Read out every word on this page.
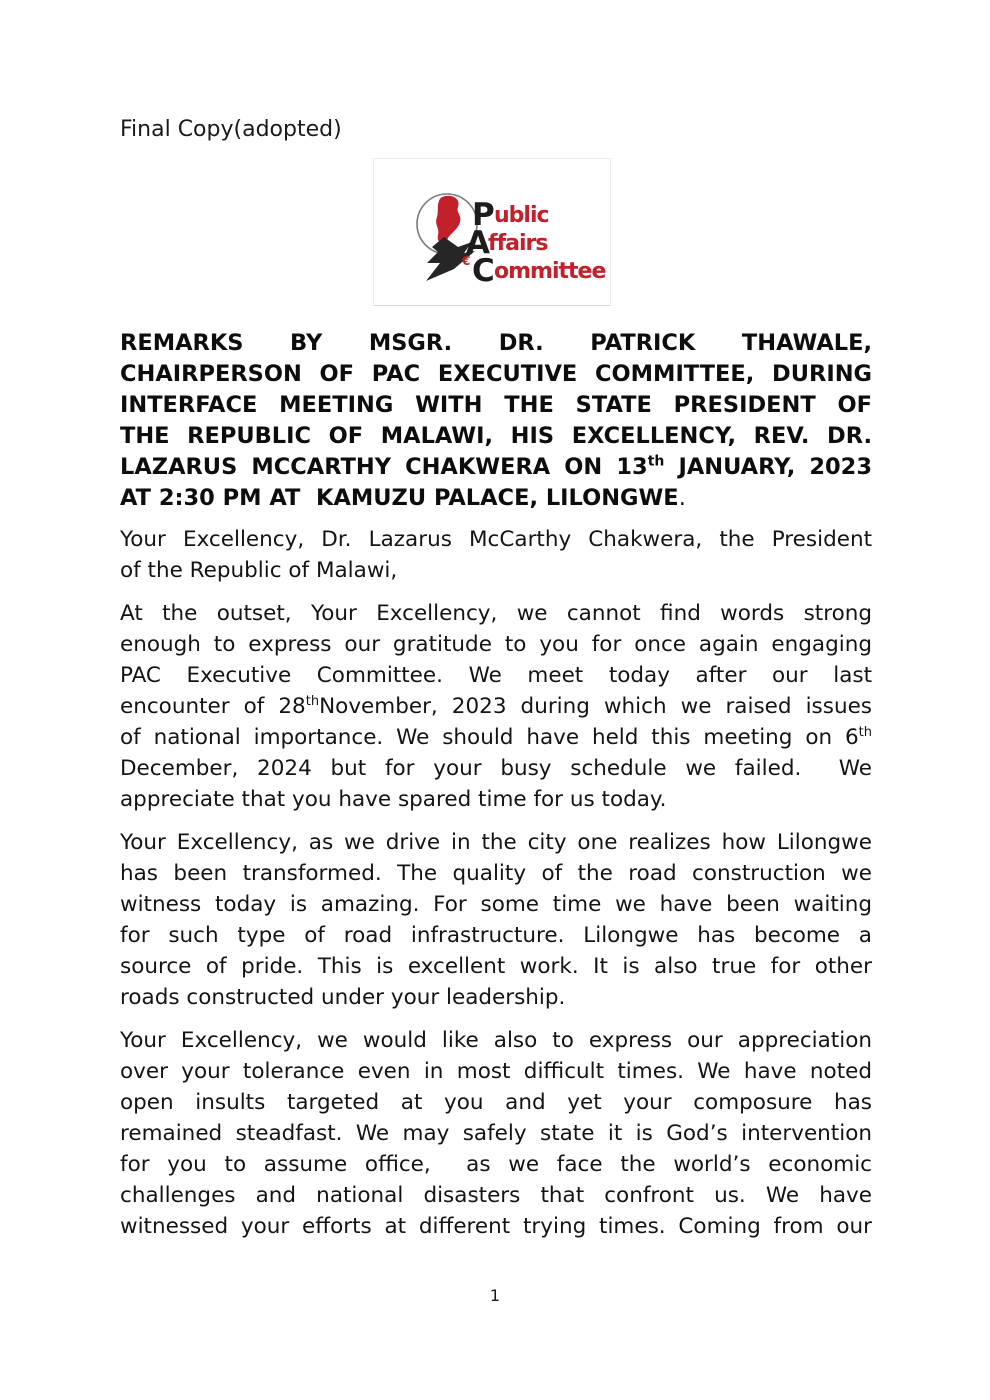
Final Copy(adopted)
€
P
A
C
ublic
ffairs
ommittee
REMARKS BY MSGR. DR. PATRICK THAWALE,
CHAIRPERSON OF PAC EXECUTIVE COMMITTEE, DURING
INTERFACE MEETING WITH THE STATE PRESIDENT OF
THE REPUBLIC OF MALAWI, HIS EXCELLENCY, REV. DR.
LAZARUS MCCARTHY CHAKWERA ON 13th JANUARY, 2023
AT 2:30 PM AT  KAMUZU PALACE, LILONGWE.
Your Excellency, Dr. Lazarus McCarthy Chakwera, the President
of the Republic of Malawi,
At the outset, Your Excellency, we cannot find words strong
enough to express our gratitude to you for once again engaging
PAC Executive Committee. We meet today after our last
encounter of 28thNovember, 2023 during which we raised issues
of national importance. We should have held this meeting on 6th
December, 2024 but for your busy schedule we failed.  We
appreciate that you have spared time for us today.
Your Excellency, as we drive in the city one realizes how Lilongwe
has been transformed. The quality of the road construction we
witness today is amazing. For some time we have been waiting
for such type of road infrastructure. Lilongwe has become a
source of pride. This is excellent work. It is also true for other
roads constructed under your leadership.
Your Excellency, we would like also to express our appreciation
over your tolerance even in most difficult times. We have noted
open insults targeted at you and yet your composure has
remained steadfast. We may safely state it is God’s intervention
for you to assume office,  as we face the world’s economic
challenges and national disasters that confront us. We have
witnessed your efforts at different trying times. Coming from our
1
